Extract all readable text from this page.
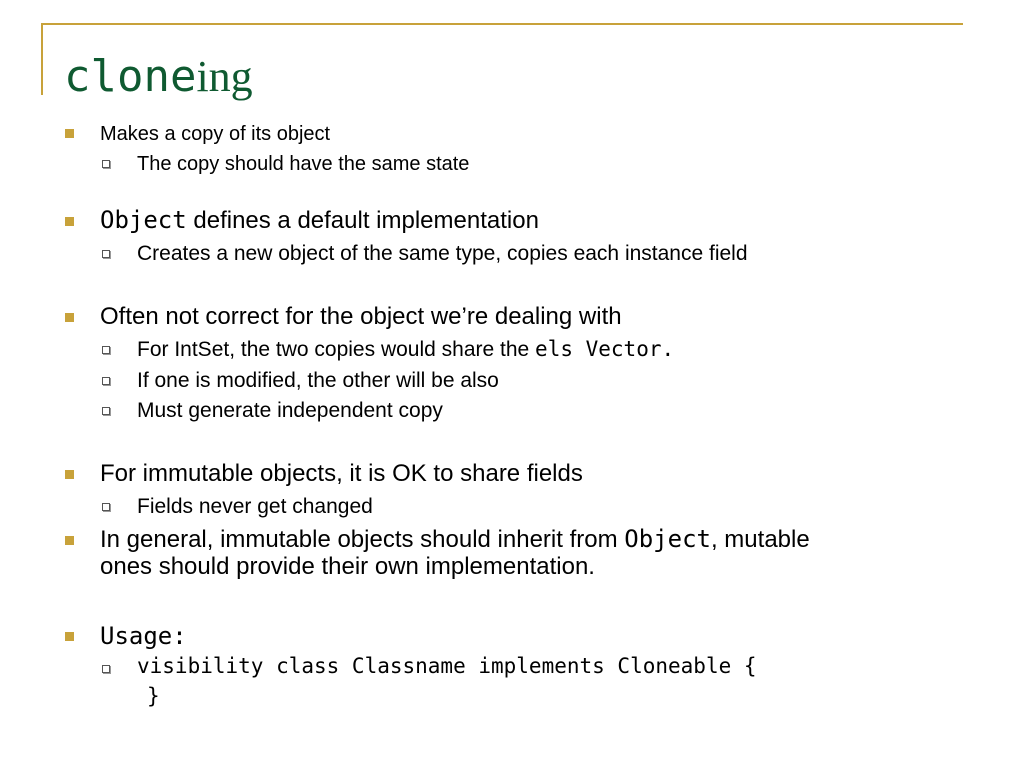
cloneing
Makes a copy of its object
The copy should have the same state
Object defines a default implementation
Creates a new object of the same type, copies each instance field
Often not correct for the object we’re dealing with
For IntSet, the two copies would share the els Vector.
If one is modified, the other will be also
Must generate independent copy
For immutable objects, it is OK to share fields
Fields never get changed
In general, immutable objects should inherit from Object, mutable
ones should provide their own implementation.
Usage:
visibility class Classname implements Cloneable {
}
